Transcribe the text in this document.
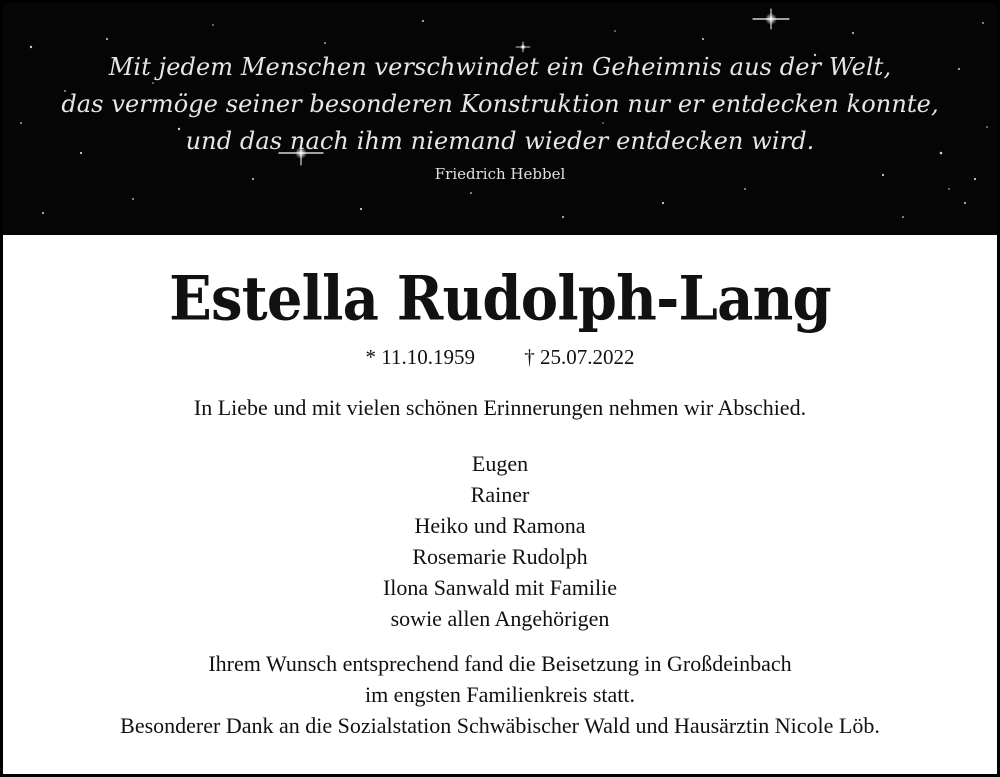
Mit jedem Menschen verschwindet ein Geheimnis aus der Welt,
das vermöge seiner besonderen Konstruktion nur er entdecken konnte,
und das nach ihm niemand wieder entdecken wird.
Friedrich Hebbel
Estella Rudolph-Lang
* 11.10.1959 † 25.07.2022
In Liebe und mit vielen schönen Erinnerungen nehmen wir Abschied.
Eugen
Rainer
Heiko und Ramona
Rosemarie Rudolph
Ilona Sanwald mit Familie
sowie allen Angehörigen
Ihrem Wunsch entsprechend fand die Beisetzung in Großdeinbach
im engsten Familienkreis statt.
Besonderer Dank an die Sozialstation Schwäbischer Wald und Hausärztin Nicole Löb.
